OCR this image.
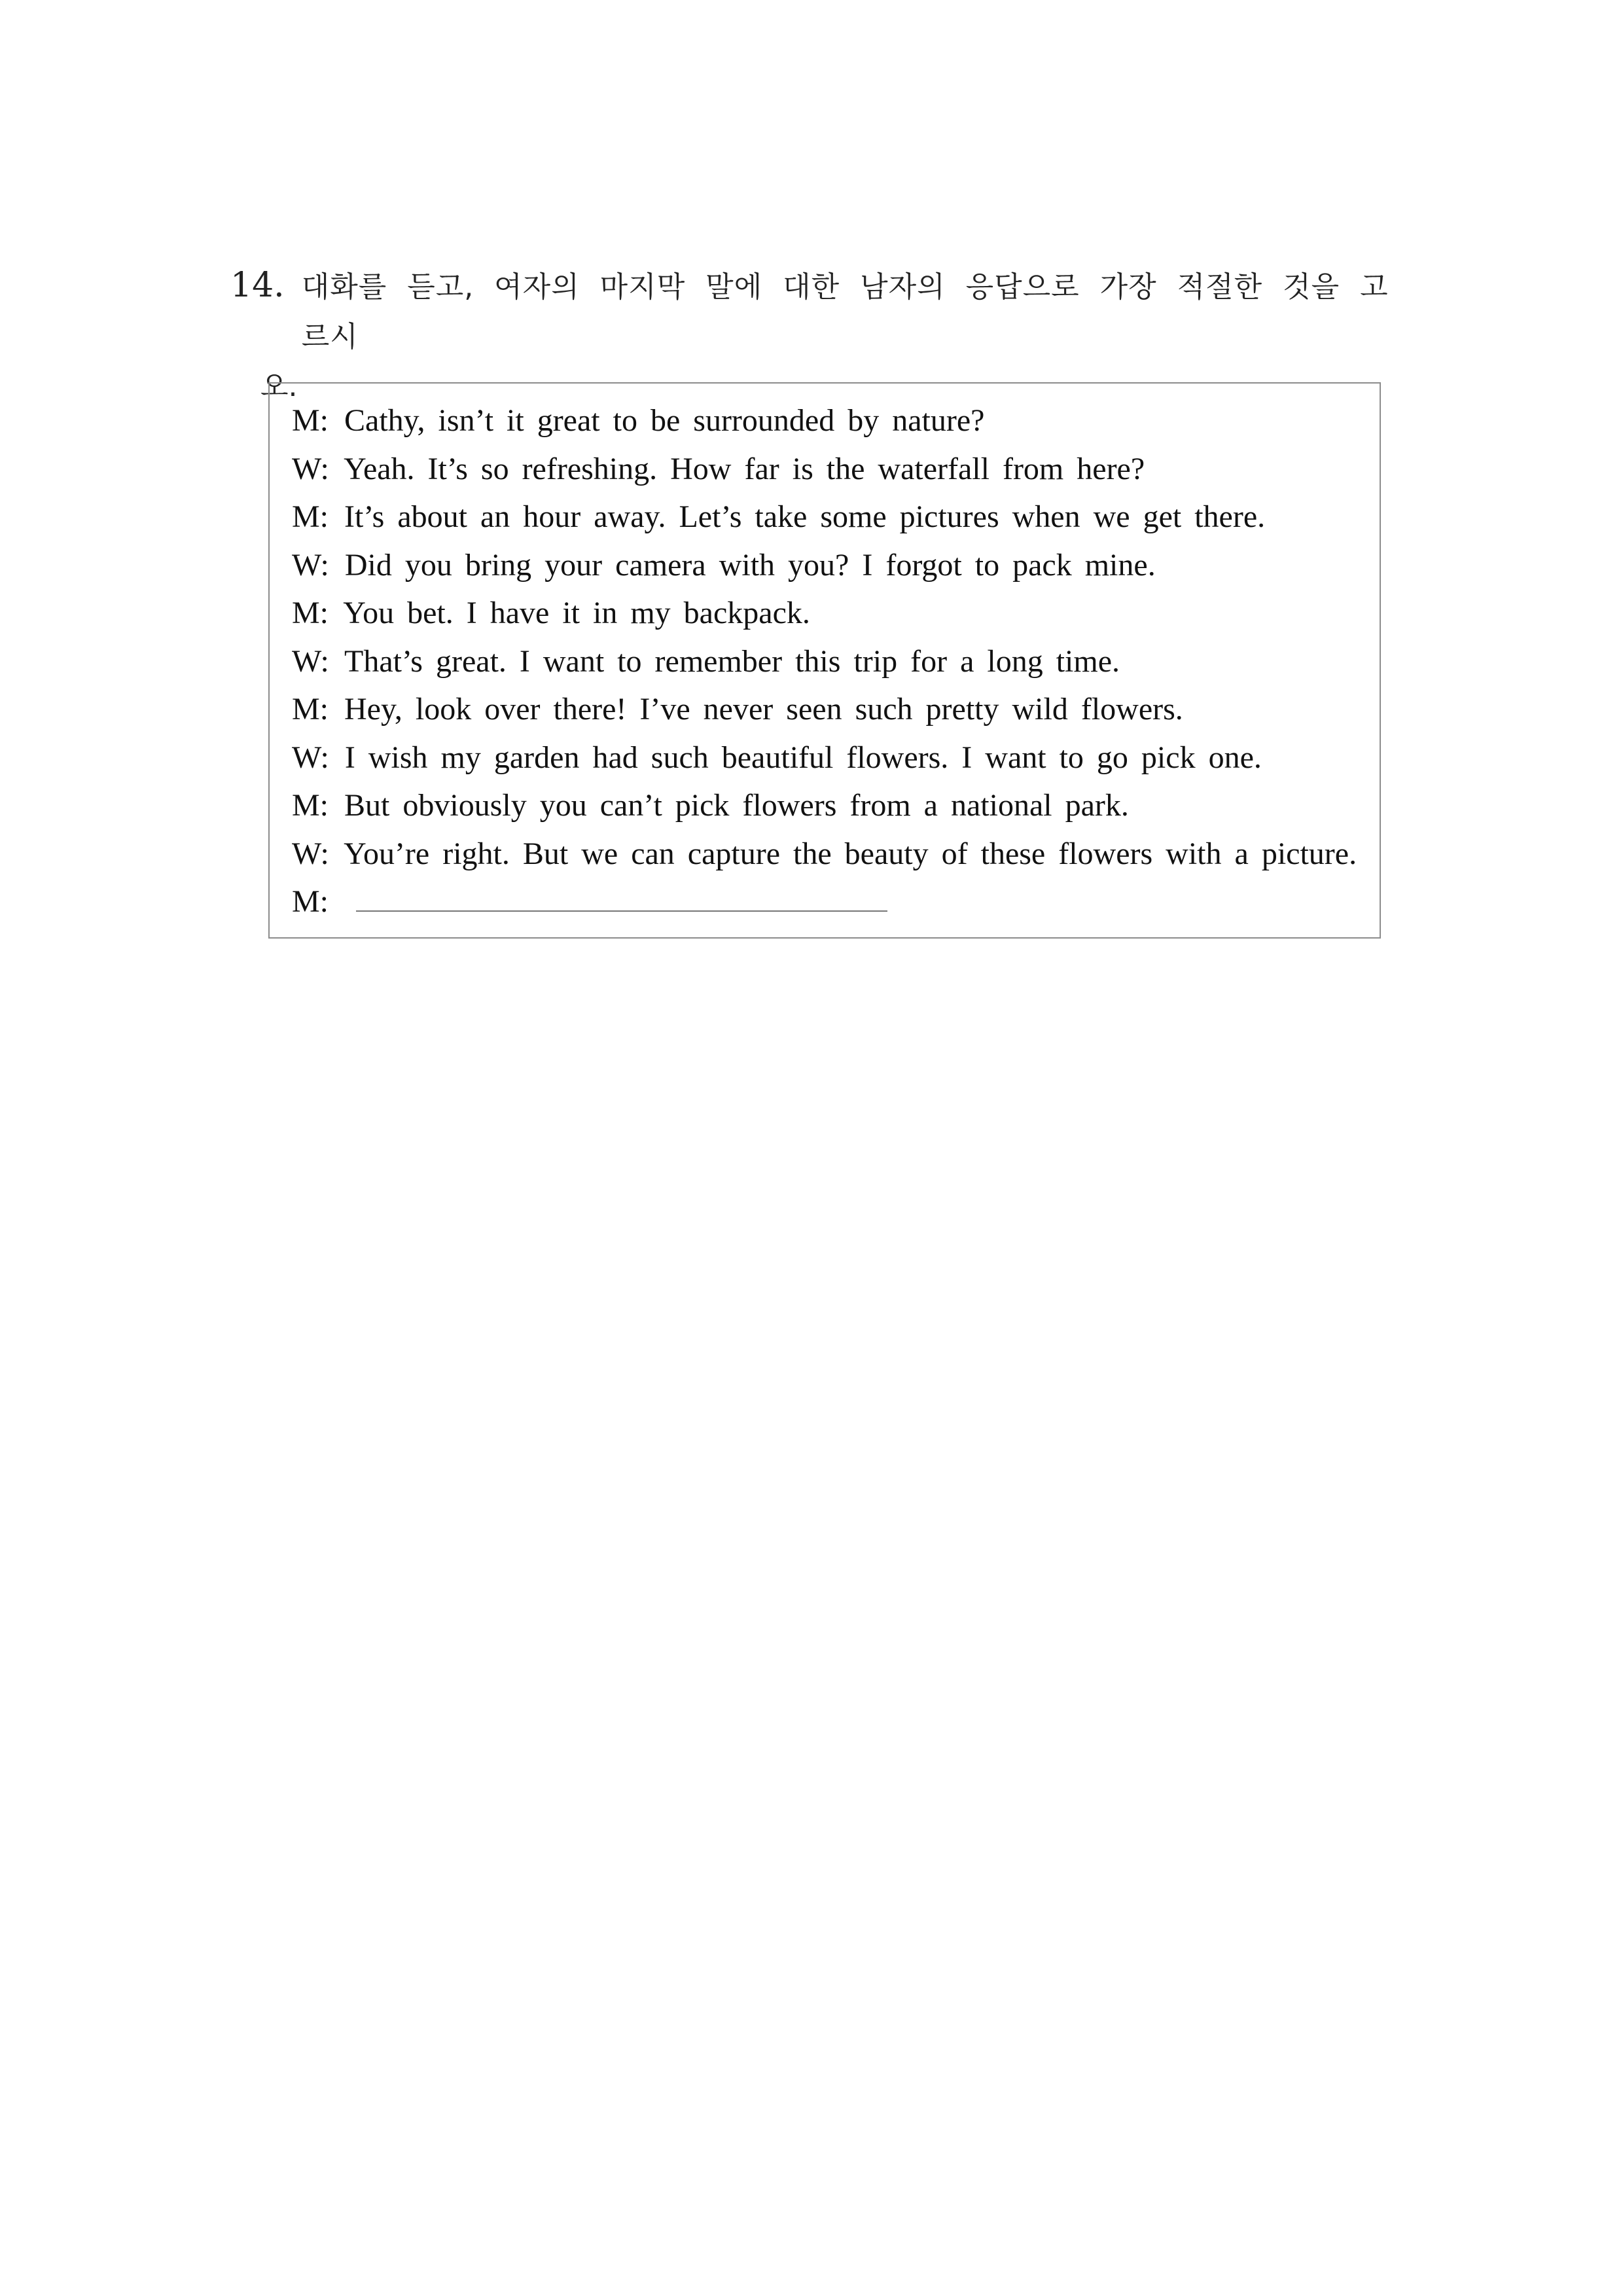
14. 대화를 듣고, 여자의 마지막 말에 대한 남자의 응답으로 가장 적절한 것을 고르시
오.
M: Cathy, isn’t it great to be surrounded by nature?
W: Yeah. It’s so refreshing. How far is the waterfall from here?
M: It’s about an hour away. Let’s take some pictures when we get there.
W: Did you bring your camera with you? I forgot to pack mine.
M: You bet. I have it in my backpack.
W: That’s great. I want to remember this trip for a long time.
M: Hey, look over there! I’ve never seen such pretty wild flowers.
W: I wish my garden had such beautiful flowers. I want to go pick one.
M: But obviously you can’t pick flowers from a national park.
W: You’re right. But we can capture the beauty of these flowers with a picture.
M:
